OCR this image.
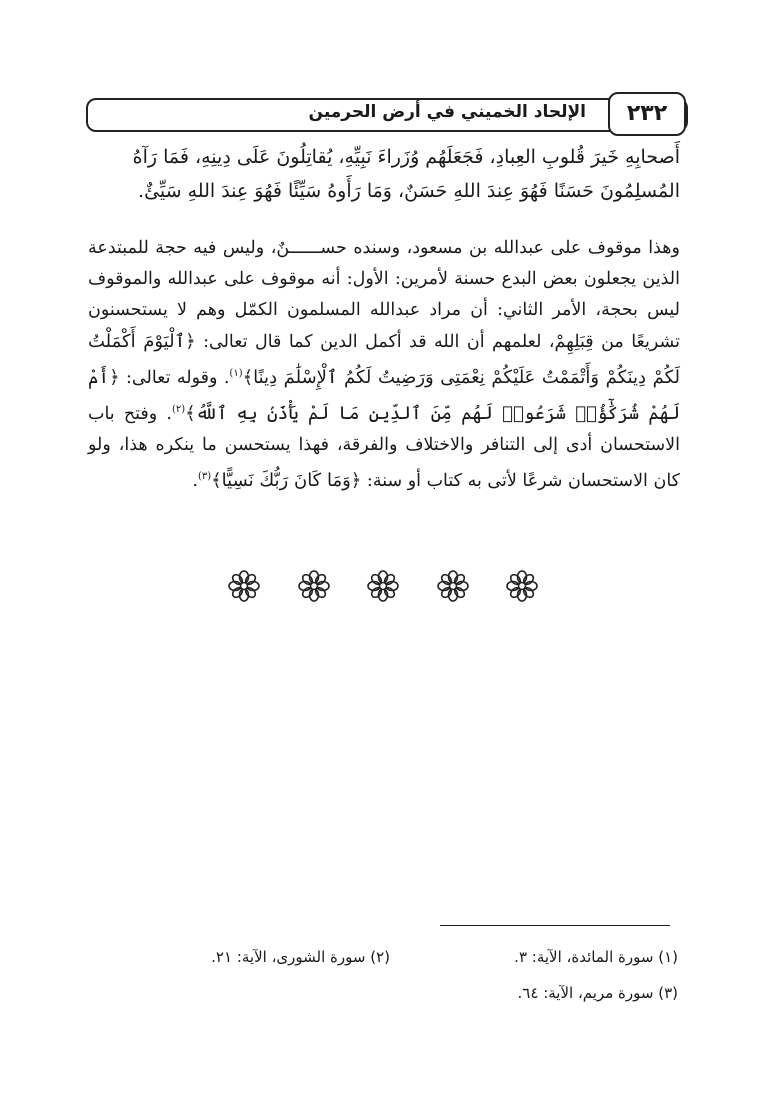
الإلحاد الخميني في أرض الحرمين	٢٣٢
أَصحابِهِ خَيرَ قُلوبِ العِبادِ، فَجَعَلَهُم وُزَراءَ نَبِيِّهِ، يُقاتِلُونَ عَلَى دِينِهِ، فَمَا رَآهُ
المُسلِمُونَ حَسَنًا فَهُوَ عِندَ اللهِ حَسَنٌ، وَمَا رَأَوهُ سَيِّئًا فَهُوَ عِندَ اللهِ سَيِّئٌ.
وهذا موقوف على عبدالله بن مسعود، وسنده حســــــنٌ، وليس فيه حجة للمبتدعة الذين يجعلون بعض البدع حسنة لأمرين: الأول: أنه موقوف على عبدالله والموقوف ليس بحجة، الأمر الثاني: أن مراد عبدالله المسلمون الكمّل وهم لا يستحسنون تشريعًا من قِبَلِهِمْ، لعلمهم أن الله قد أكمل الدين كما قال تعالى: ﴿ٱلْيَوْمَ أَكْمَلْتُ لَكُمْ دِينَكُمْ وَأَتْمَمْتُ عَلَيْكُمْ نِعْمَتِى وَرَضِيتُ لَكُمُ ٱلْإِسْلَٰمَ دِينًا﴾$^{(١)}$. وقوله تعالى: ﴿أَمْ لَهُمْ شُرَكَٰٓؤُا۟ شَرَعُوا۟ لَهُم مِّنَ ٱلدِّينِ مَا لَمْ يَأْذَنۢ بِهِ ٱللَّهُ﴾$^{(٢)}$. وفتح باب الاستحسان أدى إلى التنافر والاختلاف والفرقة، فهذا يستحسن ما ينكره هذا، ولو كان الاستحسان شرعًا لأتى به كتاب أو سنة: ﴿وَمَا كَانَ رَبُّكَ نَسِيًّا﴾$^{(٣)}$.
(١) سورة المائدة، الآية: ٣.
(٢) سورة الشورى، الآية: ٢١.
(٣) سورة مريم، الآية: ٦٤.
